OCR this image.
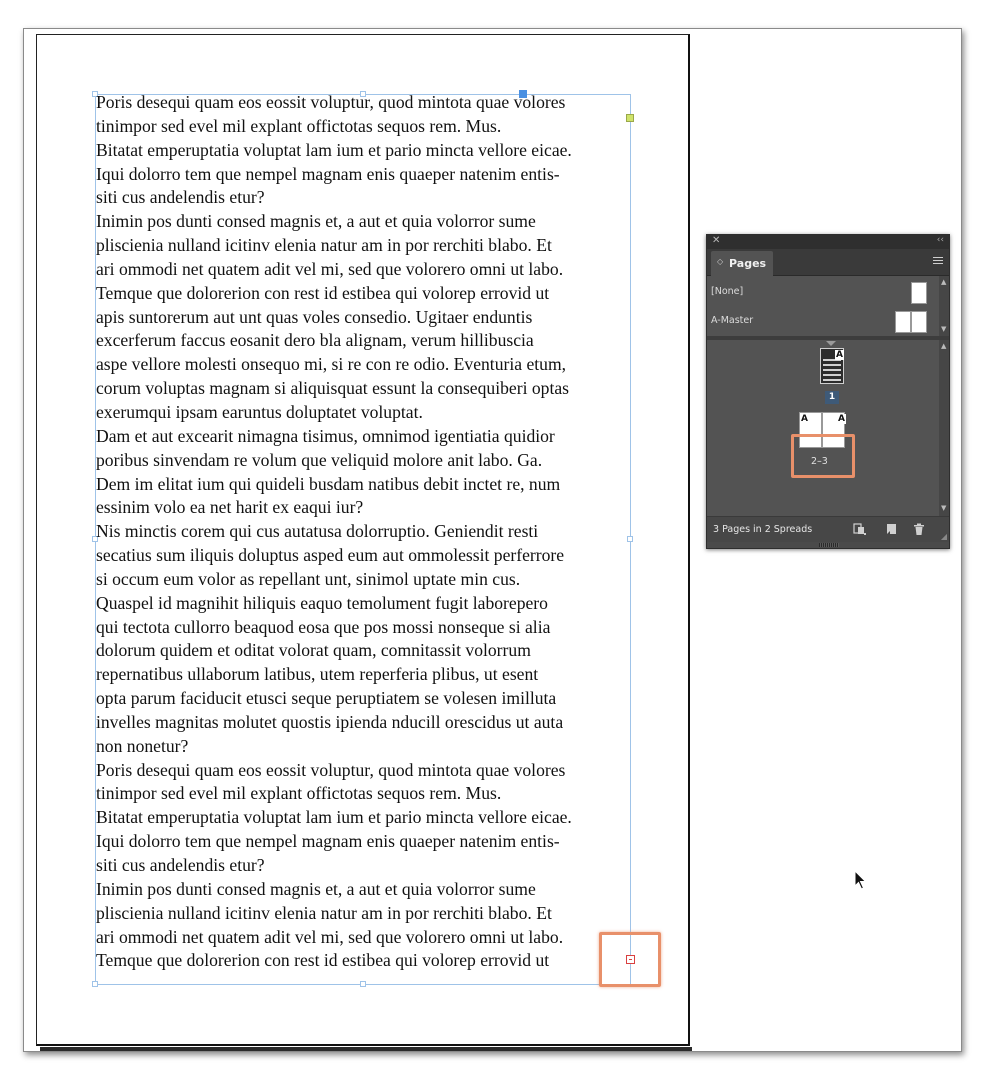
Poris desequi quam eos eossit voluptur, quod mintota quae volores

tinimpor sed evel mil explant offictotas sequos rem. Mus.

Bitatat emperuptatia voluptat lam ium et pario mincta vellore eicae.

Iqui dolorro tem que nempel magnam enis quaeper natenim entis-

siti cus andelendis etur?

Inimin pos dunti consed magnis et, a aut et quia volorror sume

pliscienia nulland icitinv elenia natur am in por rerchiti blabo. Et

ari ommodi net quatem adit vel mi, sed que volorero omni ut labo.

Temque que dolorerion con rest id estibea qui volorep errovid ut

apis suntorerum aut unt quas voles consedio. Ugitaer enduntis

excerferum faccus eosanit dero bla alignam, verum hillibuscia

aspe vellore molesti onsequo mi, si re con re odio. Eventuria etum,

corum voluptas magnam si aliquisquat essunt la consequiberi optas

exerumqui ipsam earuntus doluptatet voluptat.

Dam et aut excearit nimagna tisimus, omnimod igentiatia quidior

poribus sinvendam re volum que veliquid molore anit labo. Ga.

Dem im elitat ium qui quideli busdam natibus debit inctet re, num

essinim volo ea net harit ex eaqui iur?

Nis minctis corem qui cus autatusa dolorruptio. Geniendit resti

secatius sum iliquis doluptus asped eum aut ommolessit perferrore

si occum eum volor as repellant unt, sinimol uptate min cus.

Quaspel id magnihit hiliquis eaquo temolument fugit laborepero

qui tectota cullorro beaquod eosa que pos mossi nonseque si alia

dolorum quidem et oditat volorat quam, comnitassit volorrum

repernatibus ullaborum latibus, utem reperferia plibus, ut esent

opta parum faciducit etusci seque peruptiatem se volesen imilluta

invelles magnitas molutet quostis ipienda nducill orescidus ut auta

non nonetur?

Poris desequi quam eos eossit voluptur, quod mintota quae volores

tinimpor sed evel mil explant offictotas sequos rem. Mus.

Bitatat emperuptatia voluptat lam ium et pario mincta vellore eicae.

Iqui dolorro tem que nempel magnam enis quaeper natenim entis-

siti cus andelendis etur?

Inimin pos dunti consed magnis et, a aut et quia volorror sume

pliscienia nulland icitinv elenia natur am in por rerchiti blabo. Et

ari ommodi net quatem adit vel mi, sed que volorero omni ut labo.

Temque que dolorerion con rest id estibea qui volorep errovid ut

✕	‹‹
◇ Pages
[None]
A-Master
▲
▼
A
1
A	A
2–3
▲
▼
3 Pages in 2 Spreads
◢
